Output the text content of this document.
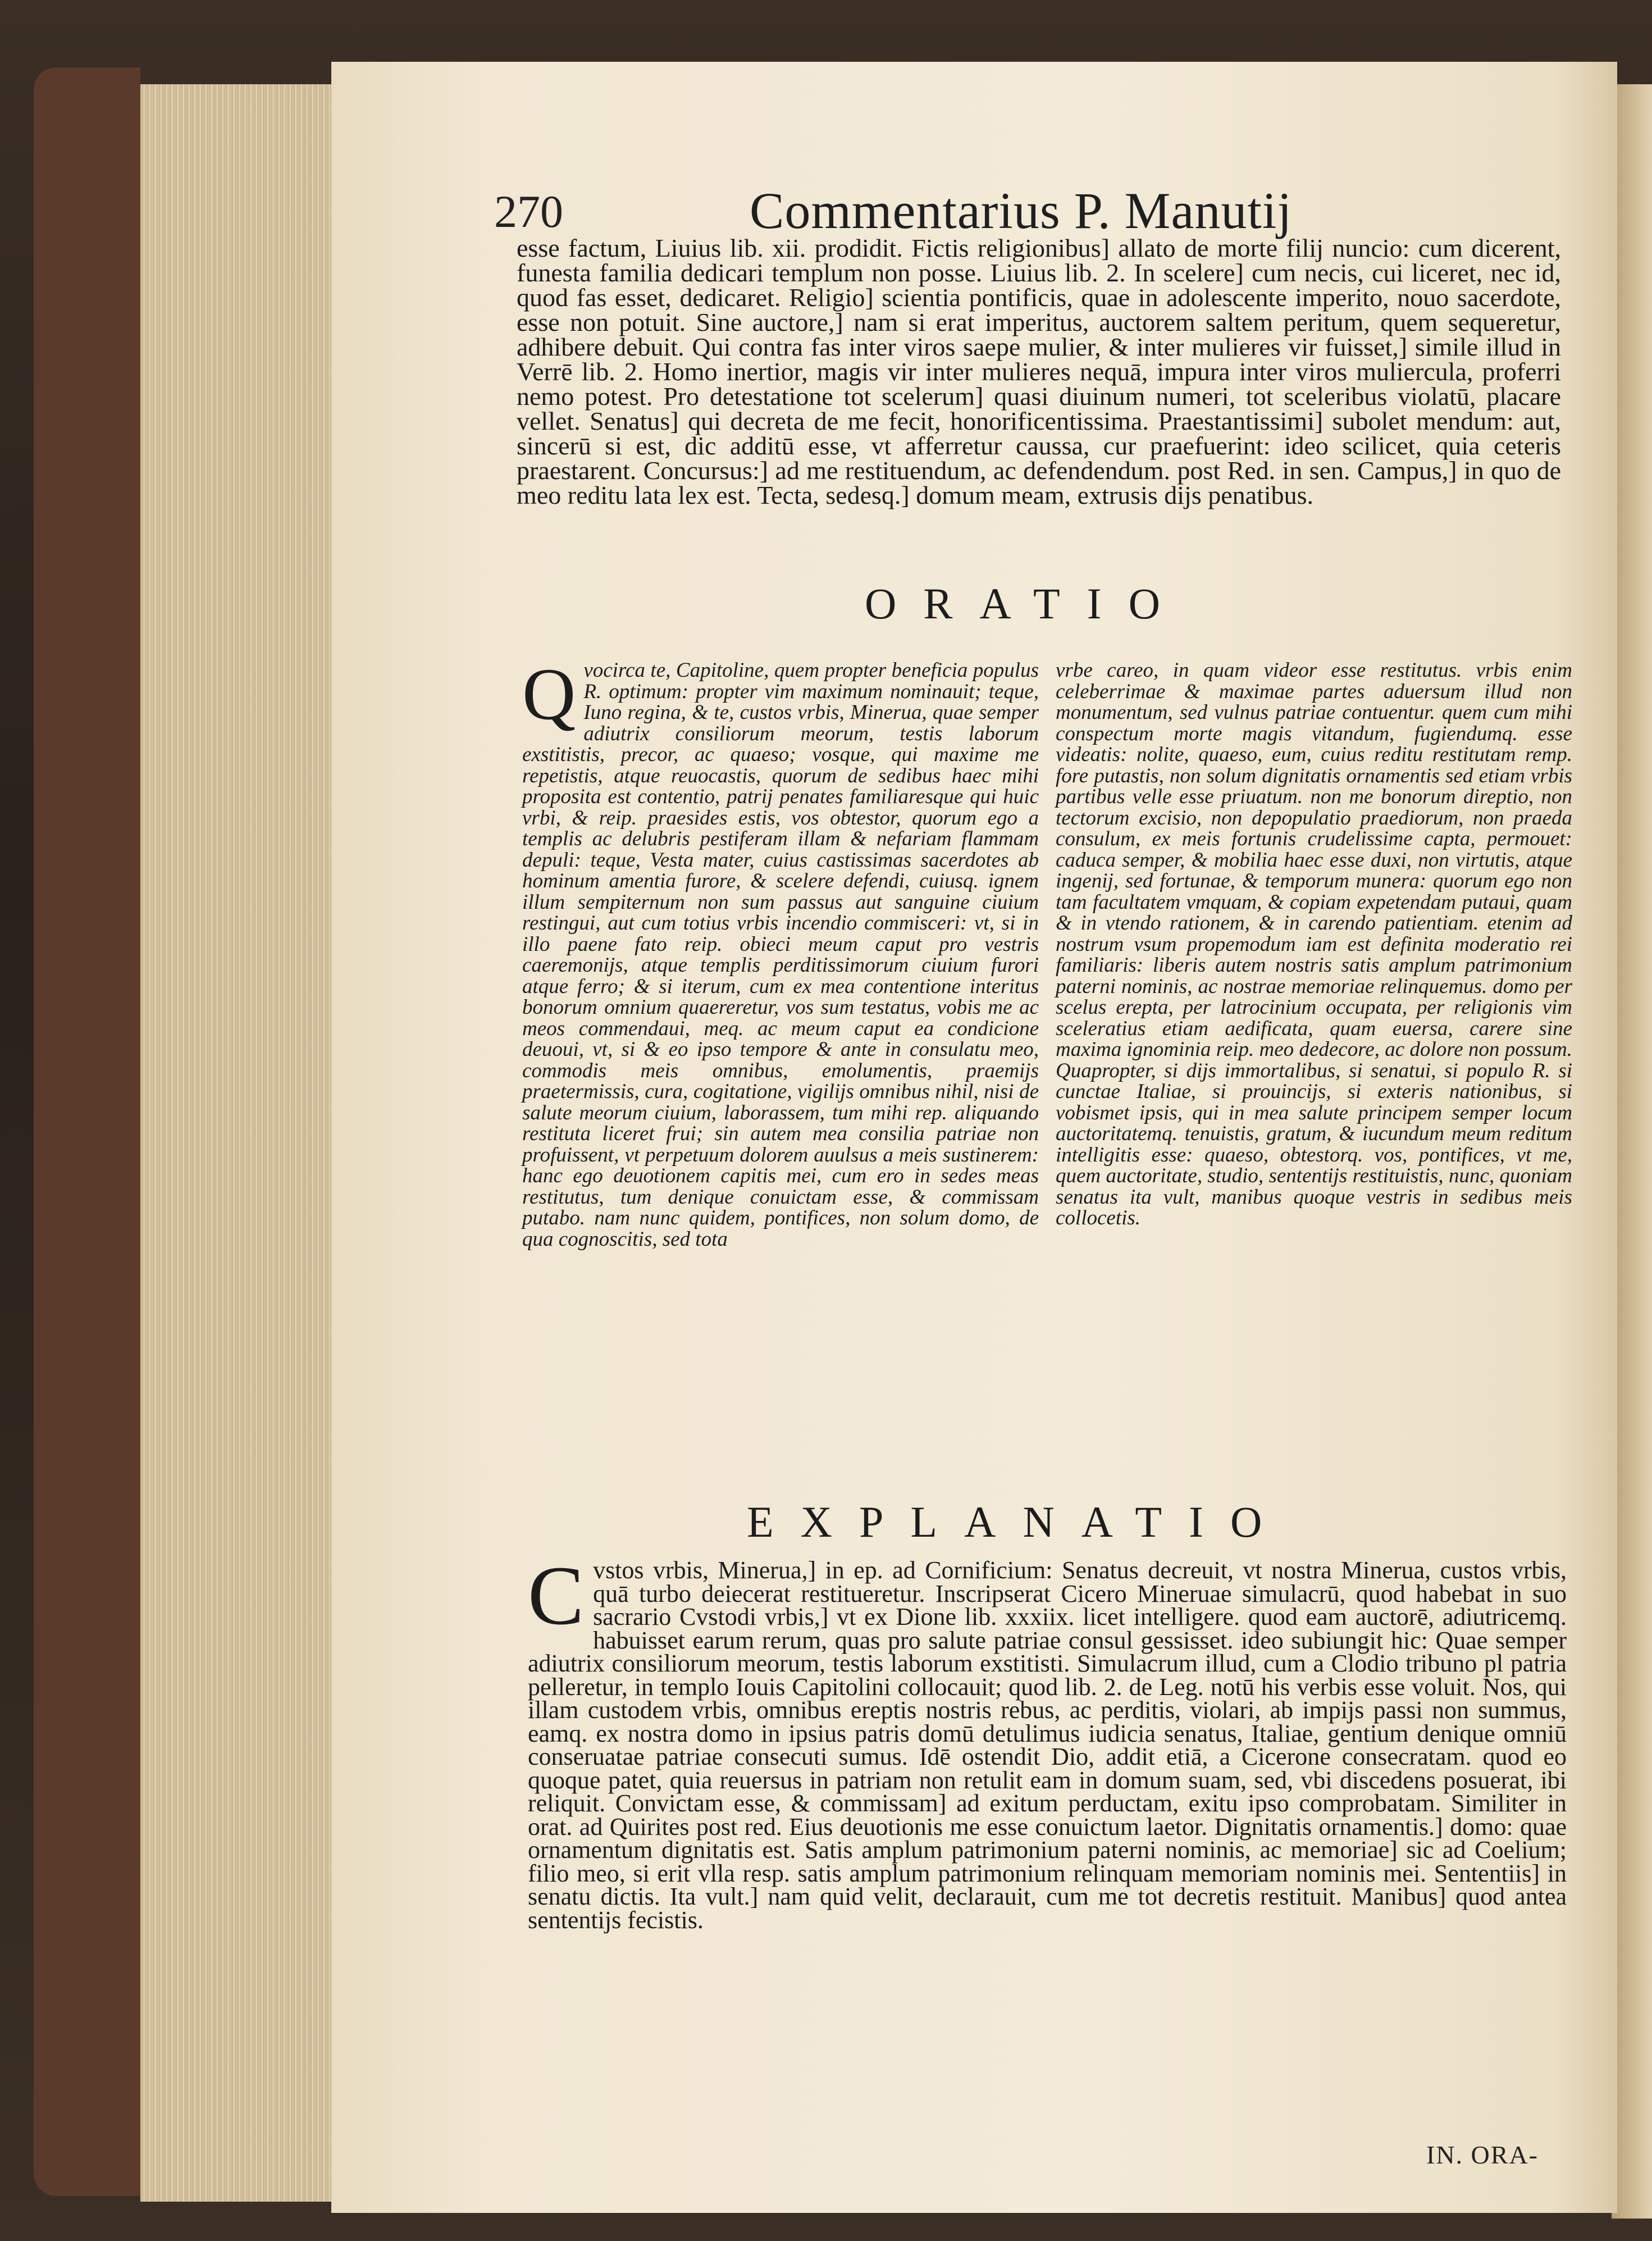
270	Commentarius P. Manutij

esse factum, Liuius lib. xii. prodidit. Fictis religionibus] allato de morte filij nuncio: cum dicerent, funesta familia dedicari templum non posse. Liuius lib. 2. In scelere] cum necis, cui liceret, nec id, quod fas esset, dedicaret. Religio] scientia pontificis, quae in adolescente imperito, nouo sacerdote, esse non potuit. Sine auctore,] nam si erat imperitus, auctorem saltem peritum, quem sequeretur, adhibere debuit. Qui contra fas inter viros saepe mulier, & inter mulieres vir fuisset,] simile illud in Verrē lib. 2. Homo inertior, magis vir inter mulieres nequā, impura inter viros muliercula, proferri nemo potest. Pro detestatione tot scelerum] quasi diuinum numeri, tot sceleribus violatū, placare vellet. Senatus] qui decreta de me fecit, honorificentissima. Praestantissimi] subolet mendum: aut, sincerū si est, dic additū esse, vt afferretur caussa, cur praefuerint: ideo scilicet, quia ceteris praestarent. Concursus:] ad me restituendum, ac defendendum. post Red. in sen. Campus,] in quo de meo reditu lata lex est. Tecta, sedesq.] domum meam, extrusis dijs penatibus.

ORATIO
Q vocirca te, Capitoline, quem propter beneficia populus R. optimum: propter vim maximum nominauit; teque, Iuno regina, & te, custos vrbis, Minerua, quae semper adiutrix consiliorum meorum, testis laborum exstitistis, precor, ac quaeso; vosque, qui maxime me repetistis, atque reuocastis, quorum de sedibus haec mihi proposita est contentio, patrij penates familiaresque qui huic vrbi, & reip. praesides estis, vos obtestor, quorum ego a templis ac delubris pestiferam illam & nefariam flammam depuli: teque, Vesta mater, cuius castissimas sacerdotes ab hominum amentia furore, & scelere defendi, cuiusq. ignem illum sempiternum non sum passus aut sanguine ciuium restingui, aut cum totius vrbis incendio commisceri: vt, si in illo paene fato reip. obieci meum caput pro vestris caeremonijs, atque templis perditissimorum ciuium furori atque ferro; & si iterum, cum ex mea contentione interitus bonorum omnium quaereretur, vos sum testatus, vobis me ac meos commendaui, meq. ac meum caput ea condicione deuoui, vt, si & eo ipso tempore & ante in consulatu meo, commodis meis omnibus, emolumentis, praemijs praetermissis, cura, cogitatione, vigilijs omnibus nihil, nisi de salute meorum ciuium, laborassem, tum mihi rep. aliquando restituta liceret frui; sin autem mea consilia patriae non profuissent, vt perpetuum dolorem auulsus a meis sustinerem: hanc ego deuotionem capitis mei, cum ero in sedes meas restitutus, tum denique conuictam esse, & commissam putabo. nam nunc quidem, pontifices, non solum domo, de qua cognoscitis, sed tota

vrbe careo, in quam videor esse restitutus. vrbis enim celeberrimae & maximae partes aduersum illud non monumentum, sed vulnus patriae contuentur. quem cum mihi conspectum morte magis vitandum, fugiendumq. esse videatis: nolite, quaeso, eum, cuius reditu restitutam remp. fore putastis, non solum dignitatis ornamentis sed etiam vrbis partibus velle esse priuatum. non me bonorum direptio, non tectorum excisio, non depopulatio praediorum, non praeda consulum, ex meis fortunis crudelissime capta, permouet: caduca semper, & mobilia haec esse duxi, non virtutis, atque ingenij, sed fortunae, & temporum munera: quorum ego non tam facultatem vmquam, & copiam expetendam putaui, quam & in vtendo rationem, & in carendo patientiam. etenim ad nostrum vsum propemodum iam est definita moderatio rei familiaris: liberis autem nostris satis amplum patrimonium paterni nominis, ac nostrae memoriae relinquemus. domo per scelus erepta, per latrocinium occupata, per religionis vim sceleratius etiam aedificata, quam euersa, carere sine maxima ignominia reip. meo dedecore, ac dolore non possum. Quapropter, si dijs immortalibus, si senatui, si populo R. si cunctae Italiae, si prouincijs, si exteris nationibus, si vobismet ipsis, qui in mea salute principem semper locum auctoritatemq. tenuistis, gratum, & iucundum meum reditum intelligitis esse: quaeso, obtestorq. vos, pontifices, vt me, quem auctoritate, studio, sententijs restituistis, nunc, quoniam senatus ita vult, manibus quoque vestris in sedibus meis collocetis.

EXPLANATIO
C vstos vrbis, Minerua,] in ep. ad Cornificium: Senatus decreuit, vt nostra Minerua, custos vrbis, quā turbo deiecerat restitueretur. Inscripserat Cicero Mineruae simulacrū, quod habebat in suo sacrario Cvstodi vrbis,] vt ex Dione lib. xxxiix. licet intelligere. quod eam auctorē, adiutricemq. habuisset earum rerum, quas pro salute patriae consul gessisset. ideo subiungit hic: Quae semper adiutrix consiliorum meorum, testis laborum exstitisti. Simulacrum illud, cum a Clodio tribuno pl patria pelleretur, in templo Iouis Capitolini collocauit; quod lib. 2. de Leg. notū his verbis esse voluit. Nos, qui illam custodem vrbis, omnibus ereptis nostris rebus, ac perditis, violari, ab impijs passi non summus, eamq. ex nostra domo in ipsius patris domū detulimus iudicia senatus, Italiae, gentium denique omniū conseruatae patriae consecuti sumus. Idē ostendit Dio, addit etiā, a Cicerone consecratam. quod eo quoque patet, quia reuersus in patriam non retulit eam in domum suam, sed, vbi discedens posuerat, ibi reliquit. Convictam esse, & commissam] ad exitum perductam, exitu ipso comprobatam. Similiter in orat. ad Quirites post red. Eius deuotionis me esse conuictum laetor. Dignitatis ornamentis.] domo: quae ornamentum dignitatis est. Satis amplum patrimonium paterni nominis, ac memoriae] sic ad Coelium; filio meo, si erit vlla resp. satis amplum patrimonium relinquam memoriam nominis mei. Sententiis] in senatu dictis. Ita vult.] nam quid velit, declarauit, cum me tot decretis restituit. Manibus] quod antea sententijs fecistis.

IN. ORA-
